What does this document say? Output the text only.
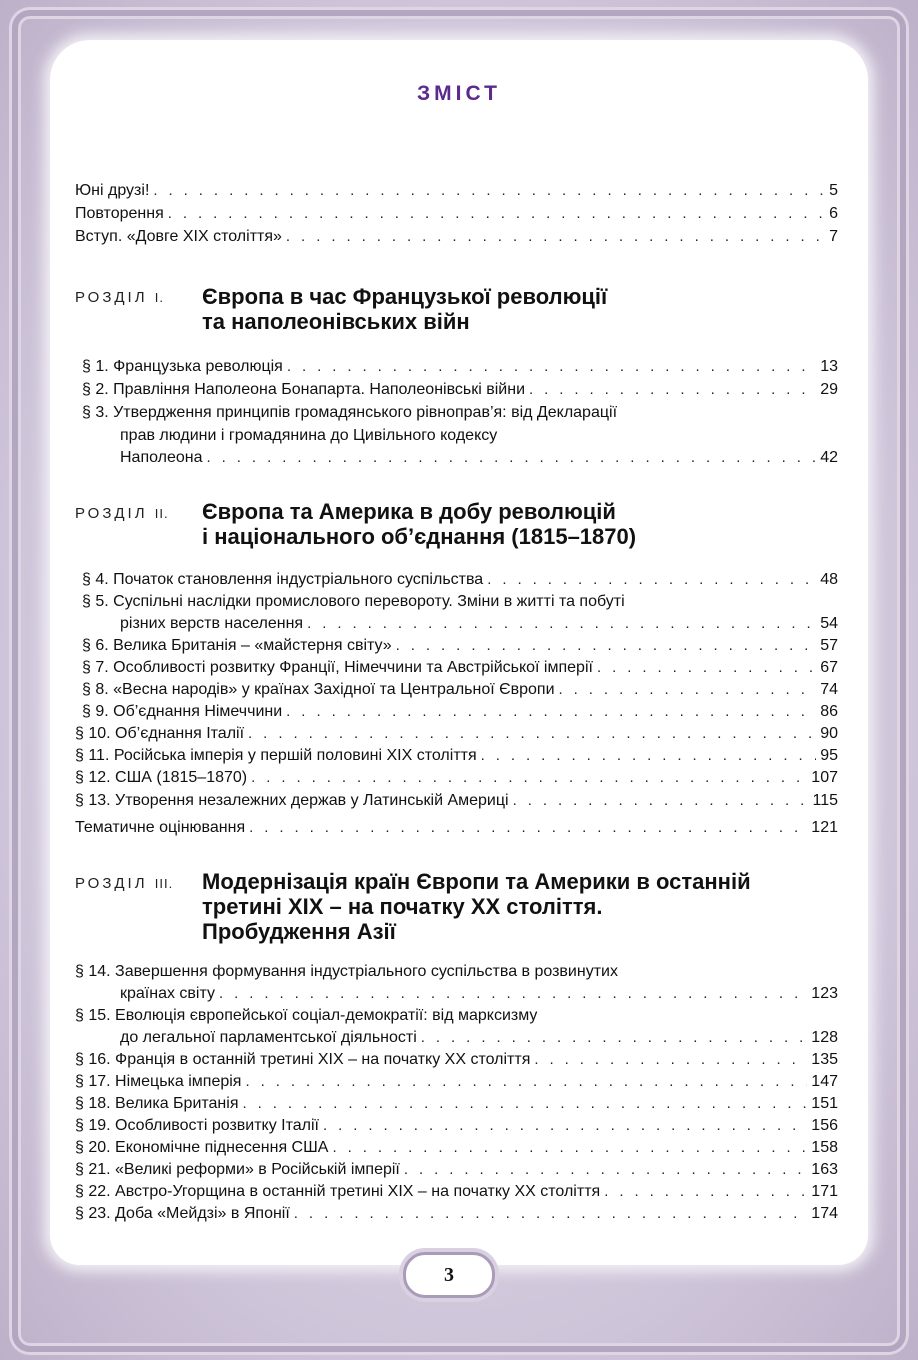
ЗМІСТ
Юні друзі! . . .	5
Повторення . . .	6
Вступ. «Довге ХІХ століття» . . .	7
РОЗДІЛ I. Європа в час Французької революції
та наполеонівських війн
§ 1. Французька революція . . .	13
§ 2. Правління Наполеона Бонапарта. Наполеонівські війни . . .	29
§ 3. Утвердження принципів громадянського рівноправ’я: від Декларації
прав людини і громадянина до Цивільного кодексу
Наполеона . . .	42
РОЗДІЛ II. Європа та Америка в добу революцій
і національного об’єднання (1815–1870)
§ 4. Початок становлення індустріального суспільства . . .	48
§ 5. Суспільні наслідки промислового перевороту. Зміни в житті та побуті
різних верств населення . . .	54
§ 6. Велика Британія – «майстерня світу» . . .	57
§ 7. Особливості розвитку Франції, Німеччини та Австрійської імперії . . .	67
§ 8. «Весна народів» у країнах Західної та Центральної Європи . . .	74
§ 9. Об’єднання Німеччини . . .	86
§ 10. Об’єднання Італії . . .	90
§ 11. Російська імперія у першій половині ХІХ століття . . .	95
§ 12. США (1815–1870) . . .	107
§ 13. Утворення незалежних держав у Латинській Америці . . .	115
Тематичне оцінювання . . .	121
РОЗДІЛ III. Модернізація країн Європи та Америки в останній
третині ХІХ – на початку ХХ століття.
Пробудження Азії
§ 14. Завершення формування індустріального суспільства в розвинутих
країнах світу . . .	123
§ 15. Еволюція європейської соціал-демократії: від марксизму
до легальної парламентської діяльності . . .	128
§ 16. Франція в останній третині ХІХ – на початку ХХ століття . . .	135
§ 17. Німецька імперія . . .	147
§ 18. Велика Британія . . .	151
§ 19. Особливості розвитку Італії . . .	156
§ 20. Економічне піднесення США . . .	158
§ 21. «Великі реформи» в Російській імперії . . .	163
§ 22. Австро-Угорщина в останній третині ХІХ – на початку ХХ століття . . .	171
§ 23. Доба «Мейдзі» в Японії . . .	174
3
